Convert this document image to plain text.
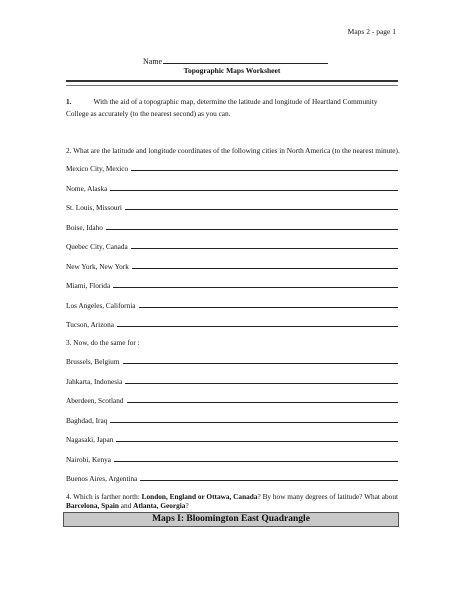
Maps 2 - page 1
Name
Topographic Maps Worksheet
1.	With the aid of a topographic map, determine the latitude and longitude of Heartland Community College as accurately (to the nearest second) as you can.
2. What are the latitude and longitude coordinates of the following cities in North America (to the nearest minute).
Mexico City, Mexico
Nome, Alaska
St. Louis, Missouri
Boise, Idaho
Quebec City, Canada
New York, New York
Miami, Florida
Los Angeles, California
Tucson, Arizona
3. Now, do the same for :
Brussels, Belgium
Jahkarta, Indonesia
Aberdeen, Scotland
Baghdad, Iraq
Nagasaki, Japan
Nairobi, Kenya
Buenos Aires, Argentina
4. Which is farther north: London, England or Ottawa, Canada? By how many degrees of latitude? What about Barcelona, Spain and Atlanta, Georgia?
Maps I: Bloomington East Quadrangle
